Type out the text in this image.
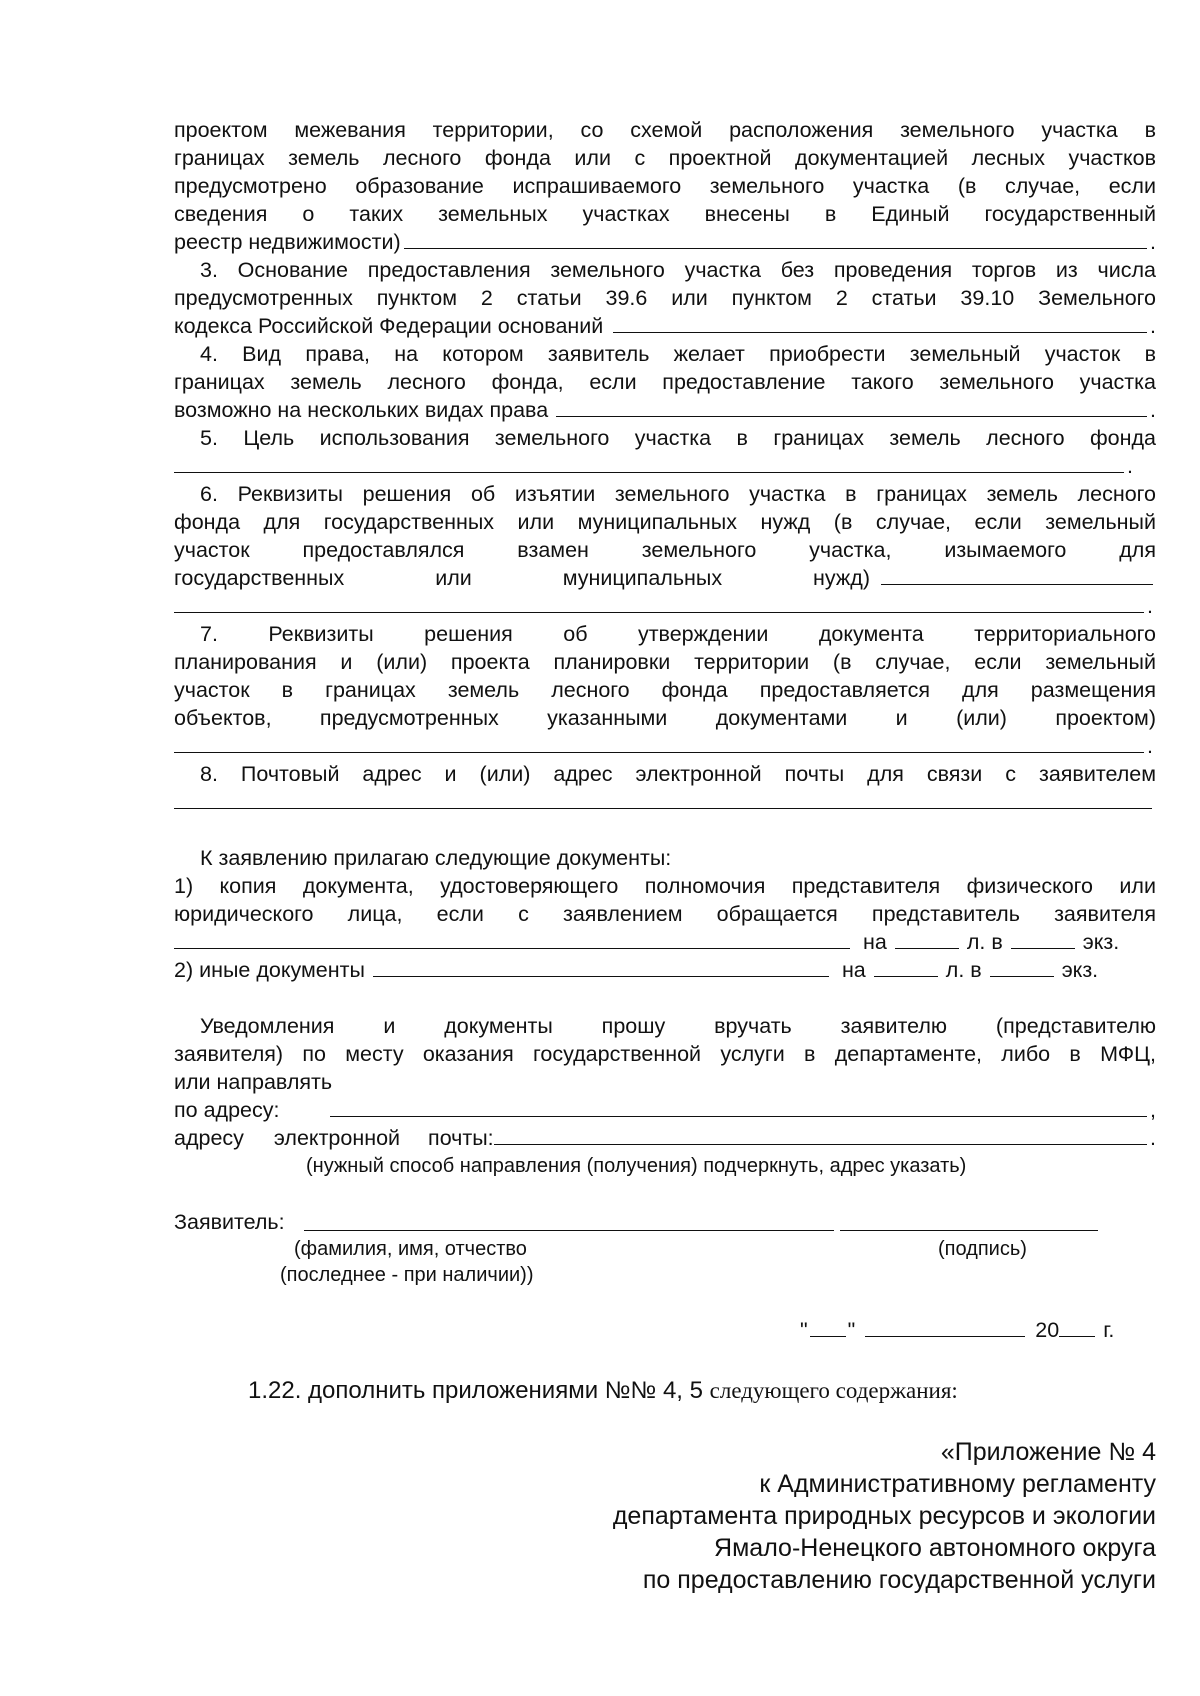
проектом межевания территории, со схемой расположения земельного участка в
границах земель лесного фонда или с проектной документацией лесных участков
предусмотрено образование испрашиваемого земельного участка (в случае, если
сведения о таких земельных участках внесены в Единый государственный
реестр недвижимости)	.
3. Основание предоставления земельного участка без проведения торгов из числа
предусмотренных пунктом 2 статьи 39.6 или пунктом 2 статьи 39.10 Земельного
кодекса Российской Федерации оснований	.
4. Вид права, на котором заявитель желает приобрести земельный участок в
границах земель лесного фонда, если предоставление такого земельного участка
возможно на нескольких видах права	.
5. Цель использования земельного участка в границах земель лесного фонда
.
6. Реквизиты решения об изъятии земельного участка в границах земель лесного
фонда для государственных или муниципальных нужд (в случае, если земельный
участок предоставлялся взамен земельного участка, изымаемого для
государственных или муниципальных нужд)
.
7. Реквизиты решения об утверждении документа территориального
планирования и (или) проекта планировки территории (в случае, если земельный
участок в границах земель лесного фонда предоставляется для размещения
объектов, предусмотренных указанными документами и (или) проектом)
.
8. Почтовый адрес и (или) адрес электронной почты для связи с заявителем
К заявлению прилагаю следующие документы:
1) копия документа, удостоверяющего полномочия представителя физического или
юридического лица, если с заявлением обращается представитель заявителя
на	л. в	экз.
2) иные документы	на	л. в	экз.
Уведомления и документы прошу вручать заявителю (представителю
заявителя) по месту оказания государственной услуги в департаменте, либо в МФЦ,
или направлять
по адресу:	,
адресу электронной почты:	.
(нужный способ направления (получения) подчеркнуть, адрес указать)
Заявитель:
(фамилия, имя, отчество	(подпись)
(последнее - при наличии))
" "	20 г.
1.22. дополнить приложениями №№ 4, 5 следующего содержания:
«Приложение № 4
к Административному регламенту
департамента природных ресурсов и экологии
Ямало-Ненецкого автономного округа
по предоставлению государственной услуги
